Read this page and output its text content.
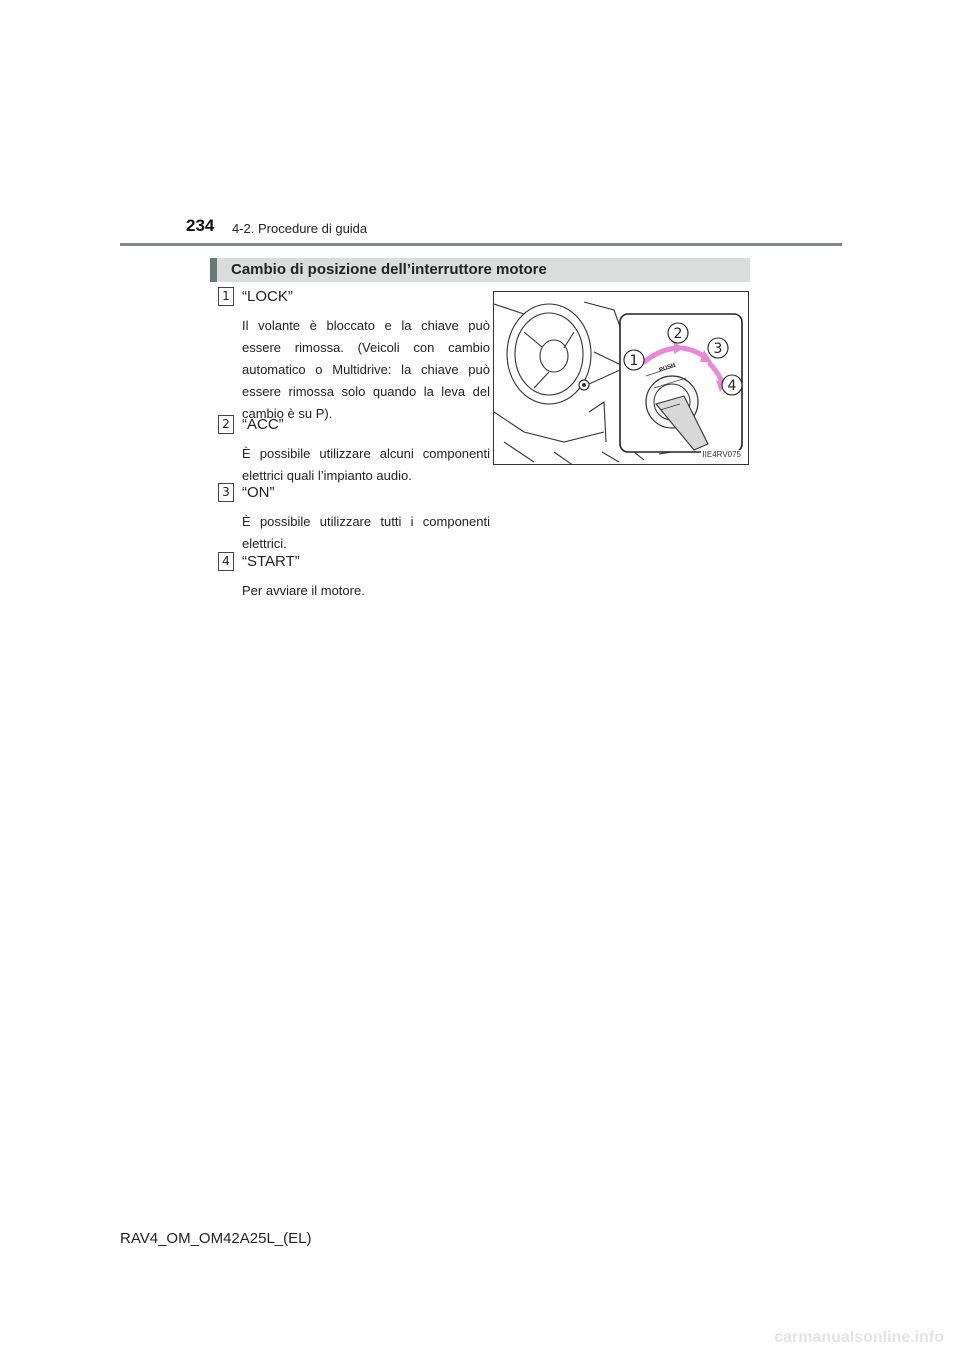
234 4-2. Procedure di guida
Cambio di posizione dell’interruttore motore
1 “LOCK”

Il volante è bloccato e la chiave può essere rimossa. (Veicoli con cambio automatico o Multidrive: la chiave può essere rimossa solo quando la leva del cambio è su P).

2 “ACC”

È possibile utilizzare alcuni componenti elettrici quali l’impianto audio.

3 “ON”

È possibile utilizzare tutti i componenti elettrici.

4 “START”

Per avviare il motore.

PUSH
1
2
3
4
IIE4RV075
RAV4_OM_OM42A25L_(EL)
carmanualsonline.info
